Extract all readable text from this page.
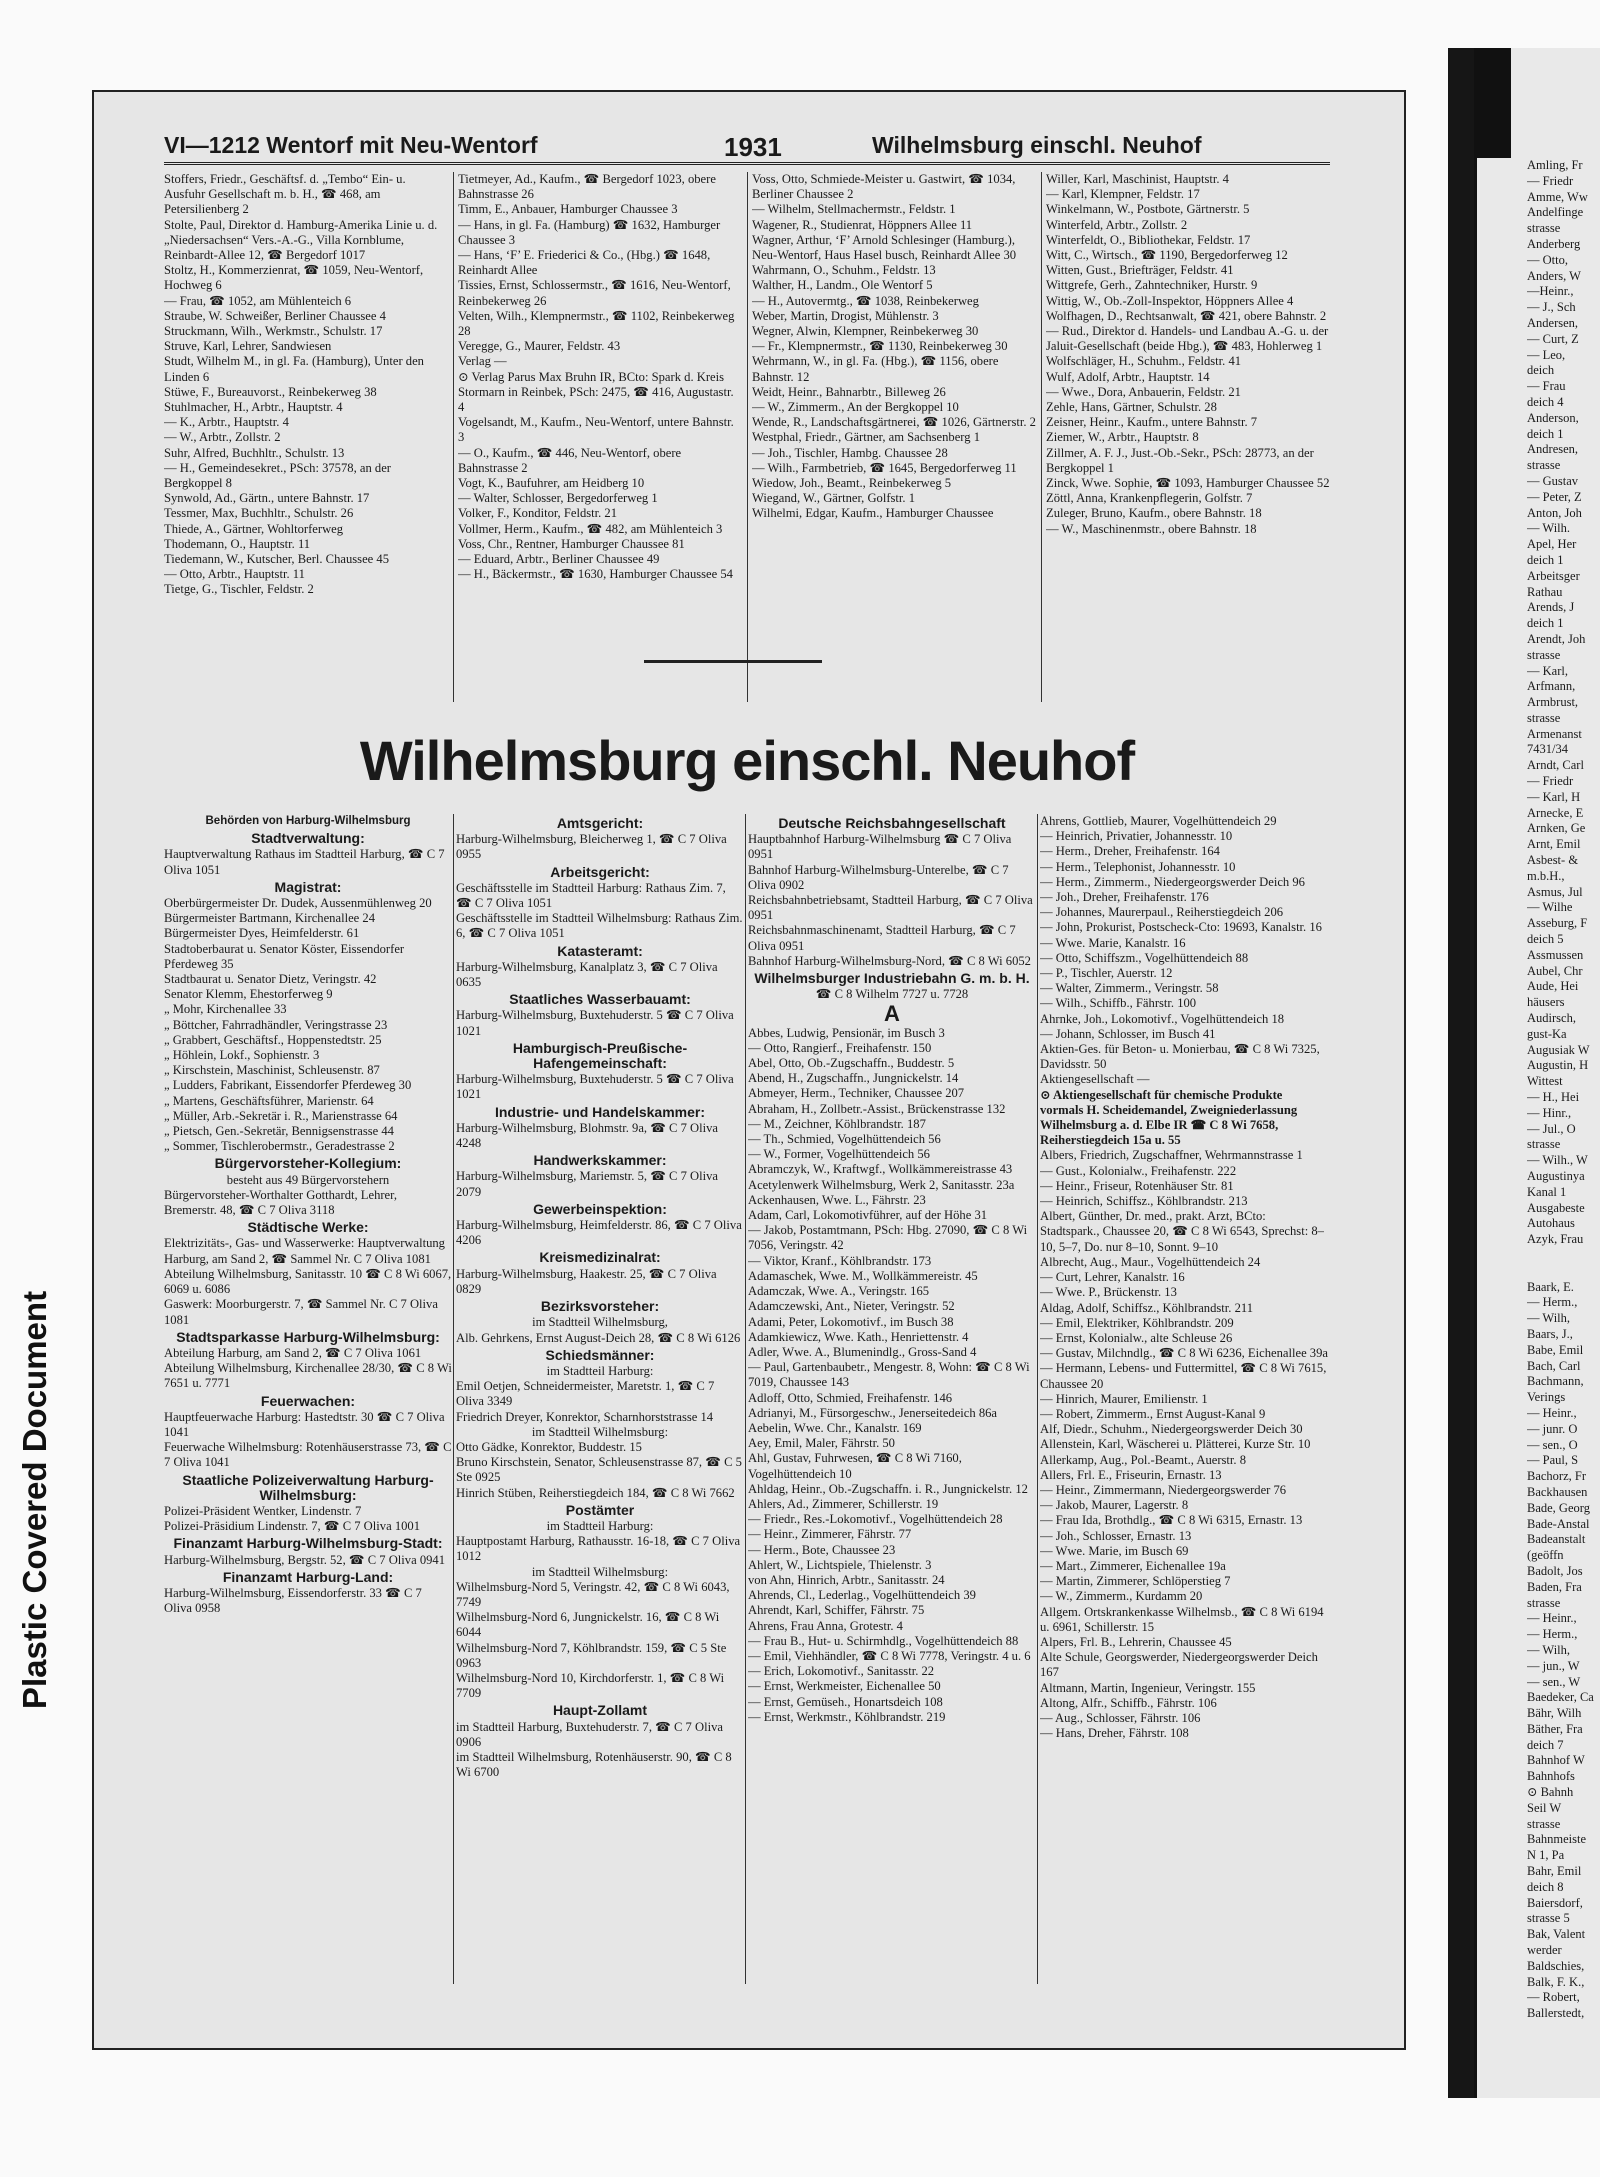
Amling, Fr
— Friedr
Amme, Ww
Andelfinge
strasse
Anderberg
— Otto,
Anders, W
—Heinr.,
— J., Sch
Andersen,
— Curt, Z
— Leo,
deich
— Frau
deich 4
Anderson,
deich 1
Andresen,
strasse
— Gustav
— Peter, Z
Anton, Joh
— Wilh.
Apel, Her
deich 1
Arbeitsger
Rathau
Arends, J
deich 1
Arendt, Joh
strasse
— Karl,
Arfmann,
Armbrust,
strasse
Armenanst
7431/34
Arndt, Carl
— Friedr
— Karl, H
Arnecke, E
Arnken, Ge
Arnt, Emil
Asbest- &
m.b.H.,
Asmus, Jul
— Wilhe
Asseburg, F
deich 5
Assmussen
Aubel, Chr
Aude, Hei
häusers
Audirsch,
gust-Ka
Augusiak W
Augustin, H
Wittest
— H., Hei
— Hinr.,
— Jul., O
strasse
— Wilh., W
Augustinya
Kanal 1
Ausgabeste
Autohaus
Azyk, Frau

Baark, E.
— Herm.,
— Wilh,
Baars, J.,
Babe, Emil
Bach, Carl
Bachmann,
Verings
— Heinr.,
— junr. O
— sen., O
— Paul, S
Bachorz, Fr
Backhausen
Bade, Georg
Bade-Anstal
Badeanstalt
(geöffn
Badolt, Jos
Baden, Fra
strasse
— Heinr.,
— Herm.,
— Wilh,
— jun., W
— sen., W
Baedeker, Ca
Bähr, Wilh
Bäther, Fra
deich 7
Bahnhof W
Bahnhofs
⊙ Bahnh
Seil W
strasse
Bahnmeiste
N 1, Pa
Bahr, Emil
deich 8
Baiersdorf,
strasse 5
Bak, Valent
werder
Baldschies,
Balk, F. K.,
— Robert,
Ballerstedt,
Plastic Covered Document
VI—1212 Wentorf mit Neu-Wentorf	1931	Wilhelmsburg einschl. Neuhof

Stoffers, Friedr., Geschäftsf. d. „Tembo“ Ein- u. Ausfuhr Gesellschaft m. b. H., ☎ 468, am Petersilienberg 2

Stolte, Paul, Direktor d. Hamburg-Amerika Linie u. d. „Niedersachsen“ Vers.-A.-G., Villa Kornblume, Reinbardt-Allee 12, ☎ Bergedorf 1017

Stoltz, H., Kommerzienrat, ☎ 1059, Neu-Wentorf, Hochweg 6

— Frau, ☎ 1052, am Mühlenteich 6

Straube, W. Schweißer, Berliner Chaussee 4

Struckmann, Wilh., Werkmstr., Schulstr. 17

Struve, Karl, Lehrer, Sandwiesen

Studt, Wilhelm M., in gl. Fa. (Hamburg), Unter den Linden 6

Stüwe, F., Bureauvorst., Reinbekerweg 38

Stuhlmacher, H., Arbtr., Hauptstr. 4

— K., Arbtr., Hauptstr. 4

— W., Arbtr., Zollstr. 2

Suhr, Alfred, Buchhltr., Schulstr. 13

— H., Gemeindesekret., PSch: 37578, an der Bergkoppel 8

Synwold, Ad., Gärtn., untere Bahnstr. 17

Tessmer, Max, Buchhltr., Schulstr. 26

Thiede, A., Gärtner, Wohltorferweg

Thodemann, O., Hauptstr. 11

Tiedemann, W., Kutscher, Berl. Chaussee 45

— Otto, Arbtr., Hauptstr. 11

Tietge, G., Tischler, Feldstr. 2

Tietmeyer, Ad., Kaufm., ☎ Bergedorf 1023, obere Bahnstrasse 26

Timm, E., Anbauer, Hamburger Chaussee 3

— Hans, in gl. Fa. (Hamburg) ☎ 1632, Hamburger Chaussee 3

— Hans, ‘F’ E. Friederici & Co., (Hbg.) ☎ 1648, Reinhardt Allee

Tissies, Ernst, Schlossermstr., ☎ 1616, Neu-Wentorf, Reinbekerweg 26

Velten, Wilh., Klempnermstr., ☎ 1102, Reinbekerweg 28

Veregge, G., Maurer, Feldstr. 43

Verlag —

⊙ Verlag Parus Max Bruhn IR, BCto: Spark d. Kreis Stormarn in Reinbek, PSch: 2475, ☎ 416, Augustastr. 4

Vogelsandt, M., Kaufm., Neu-Wentorf, untere Bahnstr. 3

— O., Kaufm., ☎ 446, Neu-Wentorf, obere Bahnstrasse 2

Vogt, K., Baufuhrer, am Heidberg 10

— Walter, Schlosser, Bergedorferweg 1

Volker, F., Konditor, Feldstr. 21

Vollmer, Herm., Kaufm., ☎ 482, am Mühlenteich 3

Voss, Chr., Rentner, Hamburger Chaussee 81

— Eduard, Arbtr., Berliner Chaussee 49

— H., Bäckermstr., ☎ 1630, Hamburger Chaussee 54

Voss, Otto, Schmiede-Meister u. Gastwirt, ☎ 1034, Berliner Chaussee 2

— Wilhelm, Stellmachermstr., Feldstr. 1

Wagener, R., Studienrat, Höppners Allee 11

Wagner, Arthur, ‘F’ Arnold Schlesinger (Hamburg.), Neu-Wentorf, Haus Hasel busch, Reinhardt Allee 30

Wahrmann, O., Schuhm., Feldstr. 13

Walther, H., Landm., Ole Wentorf 5

— H., Autovermtg., ☎ 1038, Reinbekerweg

Weber, Martin, Drogist, Mühlenstr. 3

Wegner, Alwin, Klempner, Reinbekerweg 30

— Fr., Klempnermstr., ☎ 1130, Reinbekerweg 30

Wehrmann, W., in gl. Fa. (Hbg.), ☎ 1156, obere Bahnstr. 12

Weidt, Heinr., Bahnarbtr., Billeweg 26

— W., Zimmerm., An der Bergkoppel 10

Wende, R., Landschaftsgärtnerei, ☎ 1026, Gärtnerstr. 2

Westphal, Friedr., Gärtner, am Sachsenberg 1

— Joh., Tischler, Hambg. Chaussee 28

— Wilh., Farmbetrieb, ☎ 1645, Bergedorferweg 11

Wiedow, Joh., Beamt., Reinbekerweg 5

Wiegand, W., Gärtner, Golfstr. 1

Wilhelmi, Edgar, Kaufm., Hamburger Chaussee

Willer, Karl, Maschinist, Hauptstr. 4

— Karl, Klempner, Feldstr. 17

Winkelmann, W., Postbote, Gärtnerstr. 5

Winterfeld, Arbtr., Zollstr. 2

Winterfeldt, O., Bibliothekar, Feldstr. 17

Witt, C., Wirtsch., ☎ 1190, Bergedorferweg 12

Witten, Gust., Briefträger, Feldstr. 41

Wittgrefe, Gerh., Zahntechniker, Hurstr. 9

Wittig, W., Ob.-Zoll-Inspektor, Höppners Allee 4

Wolfhagen, D., Rechtsanwalt, ☎ 421, obere Bahnstr. 2

— Rud., Direktor d. Handels- und Landbau A.-G. u. der Jaluit-Gesellschaft (beide Hbg.), ☎ 483, Hohlerweg 1

Wolfschläger, H., Schuhm., Feldstr. 41

Wulf, Adolf, Arbtr., Hauptstr. 14

— Wwe., Dora, Anbauerin, Feldstr. 21

Zehle, Hans, Gärtner, Schulstr. 28

Zeisner, Heinr., Kaufm., untere Bahnstr. 7

Ziemer, W., Arbtr., Hauptstr. 8

Zillmer, A. F. J., Just.-Ob.-Sekr., PSch: 28773, an der Bergkoppel 1

Zinck, Wwe. Sophie, ☎ 1093, Hamburger Chaussee 52

Zöttl, Anna, Krankenpflegerin, Golfstr. 7

Zuleger, Bruno, Kaufm., obere Bahnstr. 18

— W., Maschinenmstr., obere Bahnstr. 18

Wilhelmsburg einschl. Neuhof

Behörden von Harburg-Wilhelmsburg

Stadtverwaltung:

Hauptverwaltung Rathaus im Stadtteil Harburg, ☎ C 7 Oliva 1051

Magistrat:

Oberbürgermeister Dr. Dudek, Aussenmühlenweg 20

Bürgermeister Bartmann, Kirchenallee 24

Bürgermeister Dyes, Heimfelderstr. 61

Stadtoberbaurat u. Senator Köster, Eissendorfer Pferdeweg 35

Stadtbaurat u. Senator Dietz, Veringstr. 42

Senator Klemm, Ehestorferweg 9

„ Mohr, Kirchenallee 33

„ Böttcher, Fahrradhändler, Veringstrasse 23

„ Grabbert, Geschäftsf., Hoppenstedtstr. 25

„ Höhlein, Lokf., Sophienstr. 3

„ Kirschstein, Maschinist, Schleusenstr. 87

„ Ludders, Fabrikant, Eissendorfer Pferdeweg 30

„ Martens, Geschäftsführer, Marienstr. 64

„ Müller, Arb.-Sekretär i. R., Marienstrasse 64

„ Pietsch, Gen.-Sekretär, Bennigsenstrasse 44

„ Sommer, Tischlerobermstr., Geradestrasse 2

Bürgervorsteher-Kollegium:

besteht aus 49 Bürgervorstehern

Bürgervorsteher-Worthalter Gotthardt, Lehrer, Bremerstr. 48, ☎ C 7 Oliva 3118

Städtische Werke:

Elektrizitäts-, Gas- und Wasserwerke: Hauptverwaltung Harburg, am Sand 2, ☎ Sammel Nr. C 7 Oliva 1081

Abteilung Wilhelmsburg, Sanitasstr. 10 ☎ C 8 Wi 6067, 6069 u. 6086

Gaswerk: Moorburgerstr. 7, ☎ Sammel Nr. C 7 Oliva 1081

Stadtsparkasse Harburg-Wilhelmsburg:

Abteilung Harburg, am Sand 2, ☎ C 7 Oliva 1061

Abteilung Wilhelmsburg, Kirchenallee 28/30, ☎ C 8 Wi 7651 u. 7771

Feuerwachen:

Hauptfeuerwache Harburg: Hastedtstr. 30 ☎ C 7 Oliva 1041

Feuerwache Wilhelmsburg: Rotenhäuserstrasse 73, ☎ C 7 Oliva 1041

Staatliche Polizeiverwaltung Harburg-Wilhelmsburg:

Polizei-Präsident Wentker, Lindenstr. 7

Polizei-Präsidium Lindenstr. 7, ☎ C 7 Oliva 1001

Finanzamt Harburg-Wilhelmsburg-Stadt:

Harburg-Wilhelmsburg, Bergstr. 52, ☎ C 7 Oliva 0941

Finanzamt Harburg-Land:

Harburg-Wilhelmsburg, Eissendorferstr. 33 ☎ C 7 Oliva 0958

Amtsgericht:

Harburg-Wilhelmsburg, Bleicherweg 1, ☎ C 7 Oliva 0955

Arbeitsgericht:

Geschäftsstelle im Stadtteil Harburg: Rathaus Zim. 7, ☎ C 7 Oliva 1051

Geschäftsstelle im Stadtteil Wilhelmsburg: Rathaus Zim. 6, ☎ C 7 Oliva 1051

Katasteramt:

Harburg-Wilhelmsburg, Kanalplatz 3, ☎ C 7 Oliva 0635

Staatliches Wasserbauamt:

Harburg-Wilhelmsburg, Buxtehuderstr. 5 ☎ C 7 Oliva 1021

Hamburgisch-Preußische-Hafengemeinschaft:

Harburg-Wilhelmsburg, Buxtehuderstr. 5 ☎ C 7 Oliva 1021

Industrie- und Handelskammer:

Harburg-Wilhelmsburg, Blohmstr. 9a, ☎ C 7 Oliva 4248

Handwerkskammer:

Harburg-Wilhelmsburg, Mariemstr. 5, ☎ C 7 Oliva 2079

Gewerbeinspektion:

Harburg-Wilhelmsburg, Heimfelderstr. 86, ☎ C 7 Oliva 4206

Kreismedizinalrat:

Harburg-Wilhelmsburg, Haakestr. 25, ☎ C 7 Oliva 0829

Bezirksvorsteher:

im Stadtteil Wilhelmsburg,

Alb. Gehrkens, Ernst August-Deich 28, ☎ C 8 Wi 6126

Schiedsmänner:

im Stadtteil Harburg:

Emil Oetjen, Schneidermeister, Maretstr. 1, ☎ C 7 Oliva 3349

Friedrich Dreyer, Konrektor, Scharnhorststrasse 14

im Stadtteil Wilhelmsburg:

Otto Gädke, Konrektor, Buddestr. 15

Bruno Kirschstein, Senator, Schleusenstrasse 87, ☎ C 5 Ste 0925

Hinrich Stüben, Reiherstiegdeich 184, ☎ C 8 Wi 7662

Postämter

im Stadtteil Harburg:

Hauptpostamt Harburg, Rathausstr. 16-18, ☎ C 7 Oliva 1012

im Stadtteil Wilhelmsburg:

Wilhelmsburg-Nord 5, Veringstr. 42, ☎ C 8 Wi 6043, 7749

Wilhelmsburg-Nord 6, Jungnickelstr. 16, ☎ C 8 Wi 6044

Wilhelmsburg-Nord 7, Köhlbrandstr. 159, ☎ C 5 Ste 0963

Wilhelmsburg-Nord 10, Kirchdorferstr. 1, ☎ C 8 Wi 7709

Haupt-Zollamt

im Stadtteil Harburg, Buxtehuderstr. 7, ☎ C 7 Oliva 0906

im Stadtteil Wilhelmsburg, Rotenhäuserstr. 90, ☎ C 8 Wi 6700

Deutsche Reichsbahngesellschaft

Hauptbahnhof Harburg-Wilhelmsburg ☎ C 7 Oliva 0951

Bahnhof Harburg-Wilhelmsburg-Unterelbe, ☎ C 7 Oliva 0902

Reichsbahnbetriebsamt, Stadtteil Harburg, ☎ C 7 Oliva 0951

Reichsbahnmaschinenamt, Stadtteil Harburg, ☎ C 7 Oliva 0951

Bahnhof Harburg-Wilhelmsburg-Nord, ☎ C 8 Wi 6052

Wilhelmsburger Industriebahn G. m. b. H.

☎ C 8 Wilhelm 7727 u. 7728

A

Abbes, Ludwig, Pensionär, im Busch 3

— Otto, Rangierf., Freihafenstr. 150

Abel, Otto, Ob.-Zugschaffn., Buddestr. 5

Abend, H., Zugschaffn., Jungnickelstr. 14

Abmeyer, Herm., Techniker, Chaussee 207

Abraham, H., Zollbetr.-Assist., Brückenstrasse 132

— M., Zeichner, Köhlbrandstr. 187

— Th., Schmied, Vogelhüttendeich 56

— W., Former, Vogelhüttendeich 56

Abramczyk, W., Kraftwgf., Wollkämmereistrasse 43

Acetylenwerk Wilhelmsburg, Werk 2, Sanitasstr. 23a

Ackenhausen, Wwe. L., Fährstr. 23

Adam, Carl, Lokomotivführer, auf der Höhe 31

— Jakob, Postamtmann, PSch: Hbg. 27090, ☎ C 8 Wi 7056, Veringstr. 42

— Viktor, Kranf., Köhlbrandstr. 173

Adamaschek, Wwe. M., Wollkämmereistr. 45

Adamczak, Wwe. A., Veringstr. 165

Adamczewski, Ant., Nieter, Veringstr. 52

Adami, Peter, Lokomotivf., im Busch 38

Adamkiewicz, Wwe. Kath., Henriettenstr. 4

Adler, Wwe. A., Blumenindlg., Gross-Sand 4

— Paul, Gartenbaubetr., Mengestr. 8, Wohn: ☎ C 8 Wi 7019, Chaussee 143

Adloff, Otto, Schmied, Freihafenstr. 146

Adrianyi, M., Fürsorgeschw., Jenerseitedeich 86a

Aebelin, Wwe. Chr., Kanalstr. 169

Aey, Emil, Maler, Fährstr. 50

Ahl, Gustav, Fuhrwesen, ☎ C 8 Wi 7160, Vogelhüttendeich 10

Ahldag, Heinr., Ob.-Zugschaffn. i. R., Jungnickelstr. 12

Ahlers, Ad., Zimmerer, Schillerstr. 19

— Friedr., Res.-Lokomotivf., Vogelhüttendeich 28

— Heinr., Zimmerer, Fährstr. 77

— Herm., Bote, Chaussee 23

Ahlert, W., Lichtspiele, Thielenstr. 3

von Ahn, Hinrich, Arbtr., Sanitasstr. 24

Ahrends, Cl., Lederlag., Vogelhüttendeich 39

Ahrendt, Karl, Schiffer, Fährstr. 75

Ahrens, Frau Anna, Grotestr. 4

— Frau B., Hut- u. Schirmhdlg., Vogelhüttendeich 88

— Emil, Viehhändler, ☎ C 8 Wi 7778, Veringstr. 4 u. 6

— Erich, Lokomotivf., Sanitasstr. 22

— Ernst, Werkmeister, Eichenallee 50

— Ernst, Gemüseh., Honartsdeich 108

— Ernst, Werkmstr., Köhlbrandstr. 219

Ahrens, Gottlieb, Maurer, Vogelhüttendeich 29

— Heinrich, Privatier, Johannesstr. 10

— Herm., Dreher, Freihafenstr. 164

— Herm., Telephonist, Johannesstr. 10

— Herm., Zimmerm., Niedergeorgswerder Deich 96

— Joh., Dreher, Freihafenstr. 176

— Johannes, Maurerpaul., Reiherstiegdeich 206

— John, Prokurist, Postscheck-Cto: 19693, Kanalstr. 16

— Wwe. Marie, Kanalstr. 16

— Otto, Schiffszm., Vogelhüttendeich 88

— P., Tischler, Auerstr. 12

— Walter, Zimmerm., Veringstr. 58

— Wilh., Schiffb., Fährstr. 100

Ahrnke, Joh., Lokomotivf., Vogelhüttendeich 18

— Johann, Schlosser, im Busch 41

Aktien-Ges. für Beton- u. Monierbau, ☎ C 8 Wi 7325, Davidsstr. 50

Aktiengesellschaft —

⊙ Aktiengesellschaft für chemische Produkte vormals H. Scheidemandel, Zweigniederlassung Wilhelmsburg a. d. Elbe IR ☎ C 8 Wi 7658, Reiherstiegdeich 15a u. 55

Albers, Friedrich, Zugschaffner, Wehrmannstrasse 1

— Gust., Kolonialw., Freihafenstr. 222

— Heinr., Friseur, Rotenhäuser Str. 81

— Heinrich, Schiffsz., Köhlbrandstr. 213

Albert, Günther, Dr. med., prakt. Arzt, BCto: Stadtspark., Chaussee 20, ☎ C 8 Wi 6543, Sprechst: 8–10, 5–7, Do. nur 8–10, Sonnt. 9–10

Albrecht, Aug., Maur., Vogelhüttendeich 24

— Curt, Lehrer, Kanalstr. 16

— Wwe. P., Brückenstr. 13

Aldag, Adolf, Schiffsz., Köhlbrandstr. 211

— Emil, Elektriker, Köhlbrandstr. 209

— Ernst, Kolonialw., alte Schleuse 26

— Gustav, Milchndlg., ☎ C 8 Wi 6236, Eichenallee 39a

— Hermann, Lebens- und Futtermittel, ☎ C 8 Wi 7615, Chaussee 20

— Hinrich, Maurer, Emilienstr. 1

— Robert, Zimmerm., Ernst August-Kanal 9

Alf, Diedr., Schuhm., Niedergeorgswerder Deich 30

Allenstein, Karl, Wäscherei u. Plätterei, Kurze Str. 10

Allerkamp, Aug., Pol.-Beamt., Auerstr. 8

Allers, Frl. E., Friseurin, Ernastr. 13

— Heinr., Zimmermann, Niedergeorgswerder 76

— Jakob, Maurer, Lagerstr. 8

— Frau Ida, Brothdlg., ☎ C 8 Wi 6315, Ernastr. 13

— Joh., Schlosser, Ernastr. 13

— Wwe. Marie, im Busch 69

— Mart., Zimmerer, Eichenallee 19a

— Martin, Zimmerer, Schlöperstieg 7

— W., Zimmerm., Kurdamm 20

Allgem. Ortskrankenkasse Wilhelmsb., ☎ C 8 Wi 6194 u. 6961, Schillerstr. 15

Alpers, Frl. B., Lehrerin, Chaussee 45

Alte Schule, Georgswerder, Niedergeorgswerder Deich 167

Altmann, Martin, Ingenieur, Veringstr. 155

Altong, Alfr., Schiffb., Fährstr. 106

— Aug., Schlosser, Fährstr. 106

— Hans, Dreher, Fährstr. 108
